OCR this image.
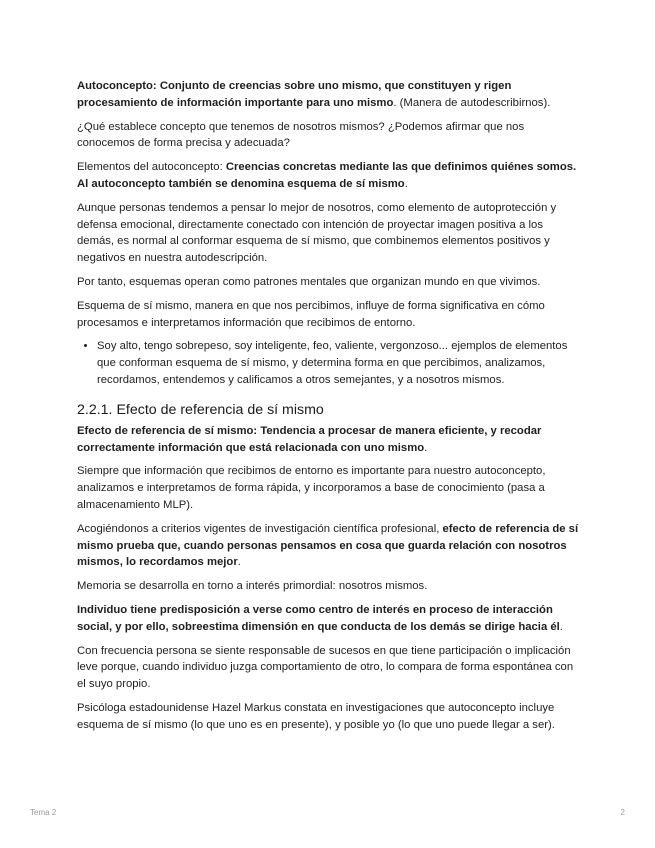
Autoconcepto: Conjunto de creencias sobre uno mismo, que constituyen y rigen procesamiento de información importante para uno mismo. (Manera de autodescribirnos).

¿Qué establece concepto que tenemos de nosotros mismos? ¿Podemos afirmar que nos conocemos de forma precisa y adecuada?

Elementos del autoconcepto: Creencias concretas mediante las que definimos quiénes somos. Al autoconcepto también se denomina esquema de sí mismo.

Aunque personas tendemos a pensar lo mejor de nosotros, como elemento de autoprotección y defensa emocional, directamente conectado con intención de proyectar imagen positiva a los demás, es normal al conformar esquema de sí mismo, que combinemos elementos positivos y negativos en nuestra autodescripción.

Por tanto, esquemas operan como patrones mentales que organizan mundo en que vivimos.

Esquema de sí mismo, manera en que nos percibimos, influye de forma significativa en cómo procesamos e interpretamos información que recibimos de entorno.

• Soy alto, tengo sobrepeso, soy inteligente, feo, valiente, vergonzoso... ejemplos de elementos que conforman esquema de sí mismo, y determina forma en que percibimos, analizamos, recordamos, entendemos y calificamos a otros semejantes, y a nosotros mismos.
2.2.1. Efecto de referencia de sí mismo

Efecto de referencia de sí mismo: Tendencia a procesar de manera eficiente, y recodar correctamente información que está relacionada con uno mismo.

Siempre que información que recibimos de entorno es importante para nuestro autoconcepto, analizamos e interpretamos de forma rápida, y incorporamos a base de conocimiento (pasa a almacenamiento MLP).

Acogiéndonos a criterios vigentes de investigación científica profesional, efecto de referencia de sí mismo prueba que, cuando personas pensamos en cosa que guarda relación con nosotros mismos, lo recordamos mejor.

Memoria se desarrolla en torno a interés primordial: nosotros mismos.

Individuo tiene predisposición a verse como centro de interés en proceso de interacción social, y por ello, sobreestima dimensión en que conducta de los demás se dirige hacia él.

Con frecuencia persona se siente responsable de sucesos en que tiene participación o implicación leve porque, cuando individuo juzga comportamiento de otro, lo compara de forma espontánea con el suyo propio.

Psicóloga estadounidense Hazel Markus constata en investigaciones que autoconcepto incluye esquema de sí mismo (lo que uno es en presente), y posible yo (lo que uno puede llegar a ser).

Tema 2	2
